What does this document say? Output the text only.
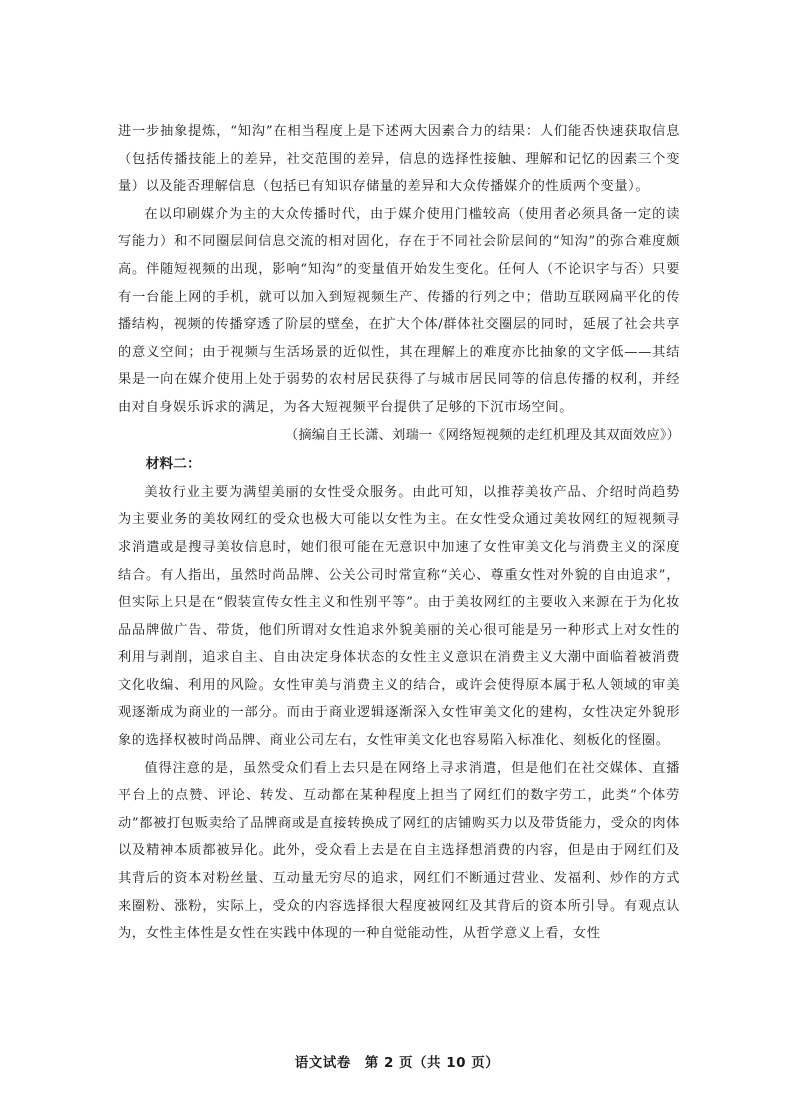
进一步抽象提炼，“知沟”在相当程度上是下述两大因素合力的结果：人们能否快速获取信息（包括传播技能上的差异，社交范围的差异，信息的选择性接触、理解和记忆的因素三个变量）以及能否理解信息（包括已有知识存储量的差异和大众传播媒介的性质两个变量）。

在以印刷媒介为主的大众传播时代，由于媒介使用门槛较高（使用者必须具备一定的读写能力）和不同圈层间信息交流的相对固化，存在于不同社会阶层间的“知沟”的弥合难度颇高。伴随短视频的出现，影响“知沟”的变量值开始发生变化。任何人（不论识字与否）只要有一台能上网的手机，就可以加入到短视频生产、传播的行列之中；借助互联网扁平化的传播结构，视频的传播穿透了阶层的壁垒，在扩大个体/群体社交圈层的同时，延展了社会共享的意义空间；由于视频与生活场景的近似性，其在理解上的难度亦比抽象的文字低——其结果是一向在媒介使用上处于弱势的农村居民获得了与城市居民同等的信息传播的权利，并经由对自身娱乐诉求的满足，为各大短视频平台提供了足够的下沉市场空间。

（摘编自王长潇、刘瑞一《网络短视频的走红机理及其双面效应》）

材料二：

美妆行业主要为满望美丽的女性受众服务。由此可知，以推荐美妆产品、介绍时尚趋势为主要业务的美妆网红的受众也极大可能以女性为主。在女性受众通过美妆网红的短视频寻求消遣或是搜寻美妆信息时，她们很可能在无意识中加速了女性审美文化与消费主义的深度结合。有人指出，虽然时尚品牌、公关公司时常宣称“关心、尊重女性对外貌的自由追求”，但实际上只是在“假装宣传女性主义和性别平等”。由于美妆网红的主要收入来源在于为化妆品品牌做广告、带货，他们所谓对女性追求外貌美丽的关心很可能是另一种形式上对女性的利用与剥削，追求自主、自由决定身体状态的女性主义意识在消费主义大潮中面临着被消费文化收编、利用的风险。女性审美与消费主义的结合，或许会使得原本属于私人领域的审美观逐渐成为商业的一部分。而由于商业逻辑逐渐深入女性审美文化的建构，女性决定外貌形象的选择权被时尚品牌、商业公司左右，女性审美文化也容易陷入标准化、刻板化的怪圈。

值得注意的是，虽然受众们看上去只是在网络上寻求消遣，但是他们在社交媒体、直播平台上的点赞、评论、转发、互动都在某种程度上担当了网红们的数字劳工，此类“个体劳动”都被打包贩卖给了品牌商或是直接转换成了网红的店铺购买力以及带货能力，受众的肉体以及精神本质都被异化。此外，受众看上去是在自主选择想消费的内容，但是由于网红们及其背后的资本对粉丝量、互动量无穷尽的追求，网红们不断通过营业、发福利、炒作的方式来圈粉、涨粉，实际上，受众的内容选择很大程度被网红及其背后的资本所引导。有观点认为，女性主体性是女性在实践中体现的一种自觉能动性，从哲学意义上看，女性

语文试卷　第 2 页（共 10 页）
